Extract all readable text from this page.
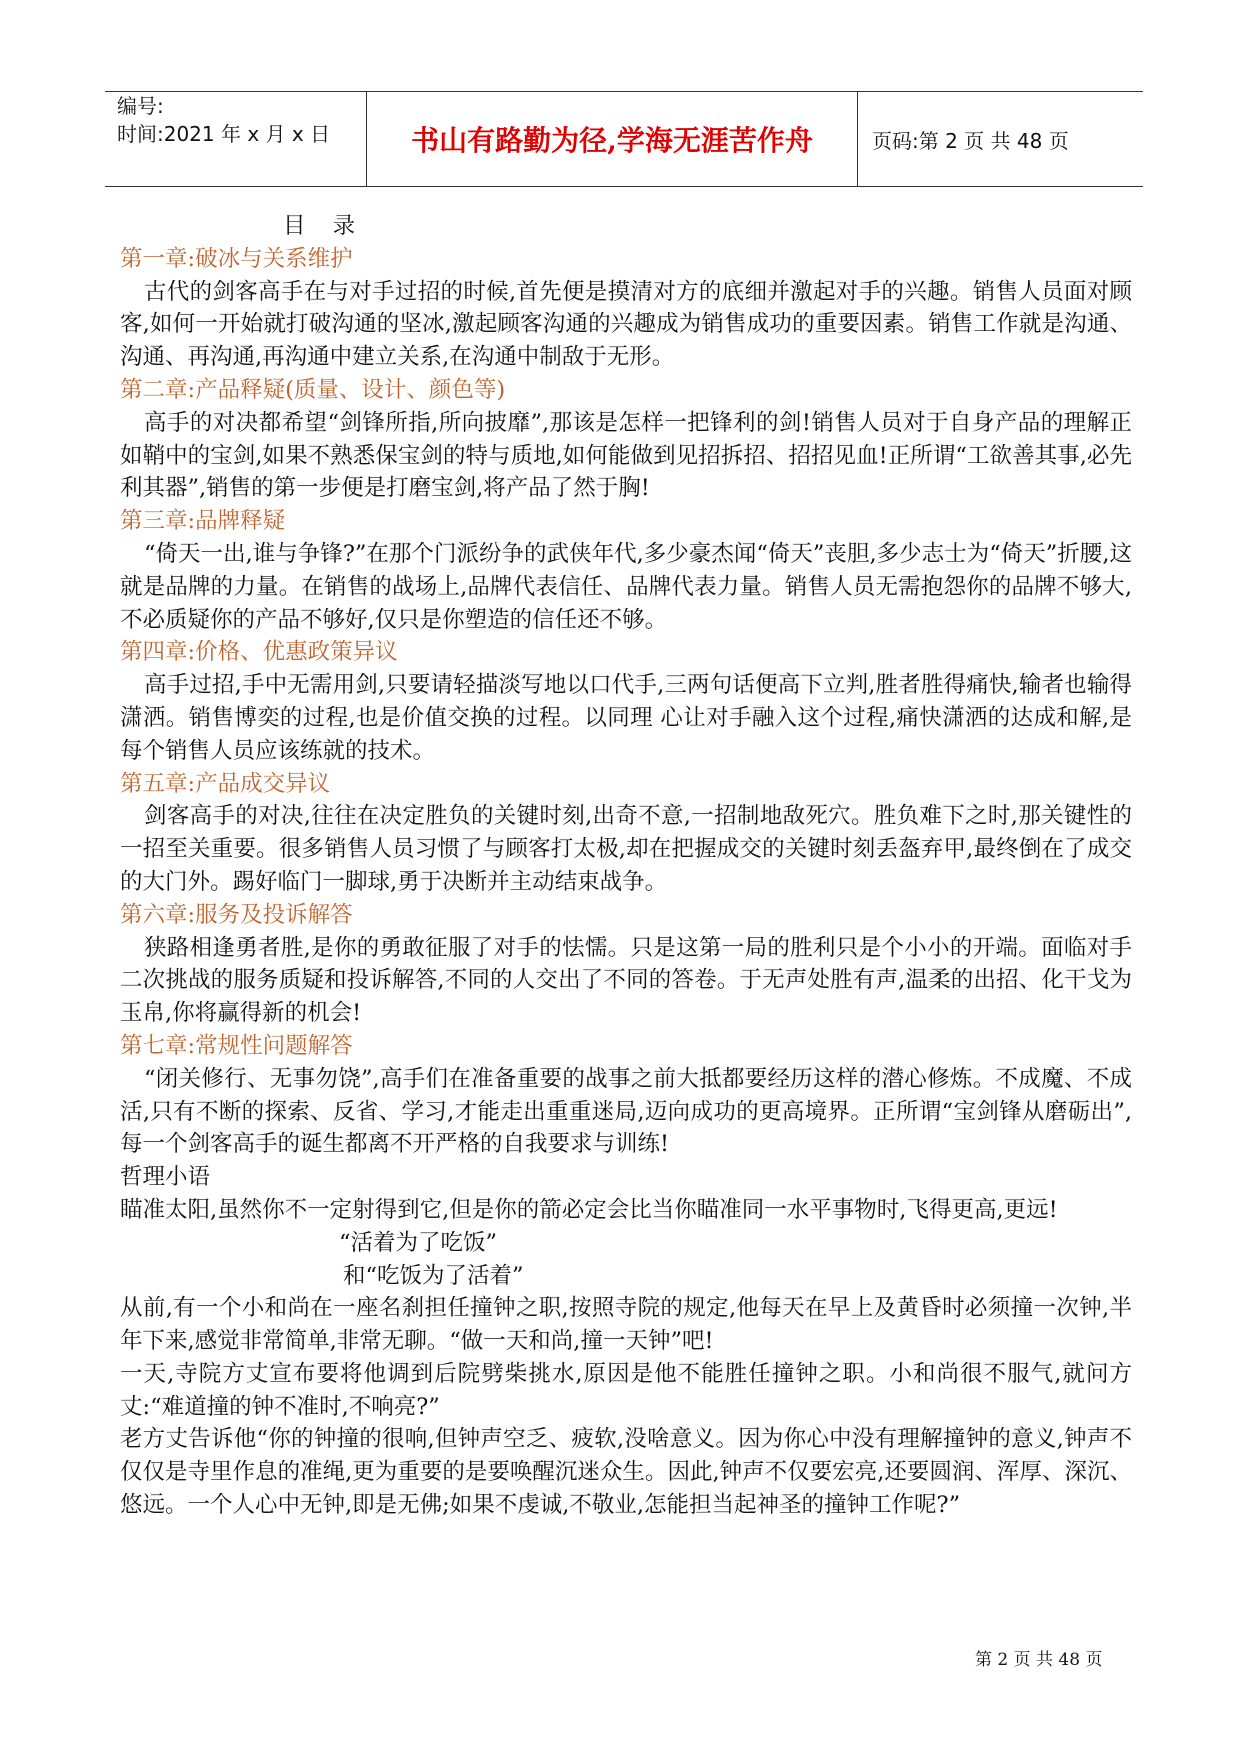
编号:
时间:2021 年 x 月 x 日	书山有路勤为径,学海无涯苦作舟	页码:第 2 页 共 48 页
目 录
第一章:破冰与关系维护
古代的剑客高手在与对手过招的时候,首先便是摸清对方的底细并激起对手的兴趣。销售人员面对顾客,如何一开始就打破沟通的坚冰,激起顾客沟通的兴趣成为销售成功的重要因素。销售工作就是沟通、沟通、再沟通,再沟通中建立关系,在沟通中制敌于无形。
第二章:产品释疑(质量、设计、颜色等)
高手的对决都希望“剑锋所指,所向披靡”,那该是怎样一把锋利的剑!销售人员对于自身产品的理解正如鞘中的宝剑,如果不熟悉保宝剑的特与质地,如何能做到见招拆招、招招见血!正所谓“工欲善其事,必先利其器”,销售的第一步便是打磨宝剑,将产品了然于胸!
第三章:品牌释疑
“倚天一出,谁与争锋?”在那个门派纷争的武侠年代,多少豪杰闻“倚天”丧胆,多少志士为“倚天”折腰,这就是品牌的力量。在销售的战场上,品牌代表信任、品牌代表力量。销售人员无需抱怨你的品牌不够大,不必质疑你的产品不够好,仅只是你塑造的信任还不够。
第四章:价格、优惠政策异议
高手过招,手中无需用剑,只要请轻描淡写地以口代手,三两句话便高下立判,胜者胜得痛快,输者也输得潇洒。销售博奕的过程,也是价值交换的过程。以同理 心让对手融入这个过程,痛快潇洒的达成和解,是每个销售人员应该练就的技术。
第五章:产品成交异议
剑客高手的对决,往往在决定胜负的关键时刻,出奇不意,一招制地敌死穴。胜负难下之时,那关键性的一招至关重要。很多销售人员习惯了与顾客打太极,却在把握成交的关键时刻丢盔弃甲,最终倒在了成交的大门外。踢好临门一脚球,勇于决断并主动结束战争。
第六章:服务及投诉解答
狭路相逢勇者胜,是你的勇敢征服了对手的怯懦。只是这第一局的胜利只是个小小的开端。面临对手二次挑战的服务质疑和投诉解答,不同的人交出了不同的答卷。于无声处胜有声,温柔的出招、化干戈为玉帛,你将赢得新的机会!
第七章:常规性问题解答
“闭关修行、无事勿饶”,高手们在准备重要的战事之前大抵都要经历这样的潜心修炼。不成魔、不成活,只有不断的探索、反省、学习,才能走出重重迷局,迈向成功的更高境界。正所谓“宝剑锋从磨砺出”,每一个剑客高手的诞生都离不开严格的自我要求与训练!
哲理小语
瞄准太阳,虽然你不一定射得到它,但是你的箭必定会比当你瞄准同一水平事物时,飞得更高,更远!
“活着为了吃饭”
和“吃饭为了活着”
从前,有一个小和尚在一座名刹担任撞钟之职,按照寺院的规定,他每天在早上及黄昏时必须撞一次钟,半年下来,感觉非常简单,非常无聊。“做一天和尚,撞一天钟”吧!
一天,寺院方丈宣布要将他调到后院劈柴挑水,原因是他不能胜任撞钟之职。小和尚很不服气,就问方丈:“难道撞的钟不准时,不响亮?”
老方丈告诉他“你的钟撞的很响,但钟声空乏、疲软,没啥意义。因为你心中没有理解撞钟的意义,钟声不仅仅是寺里作息的准绳,更为重要的是要唤醒沉迷众生。因此,钟声不仅要宏亮,还要圆润、浑厚、深沉、悠远。一个人心中无钟,即是无佛;如果不虔诚,不敬业,怎能担当起神圣的撞钟工作呢?”
第 2 页 共 48 页
